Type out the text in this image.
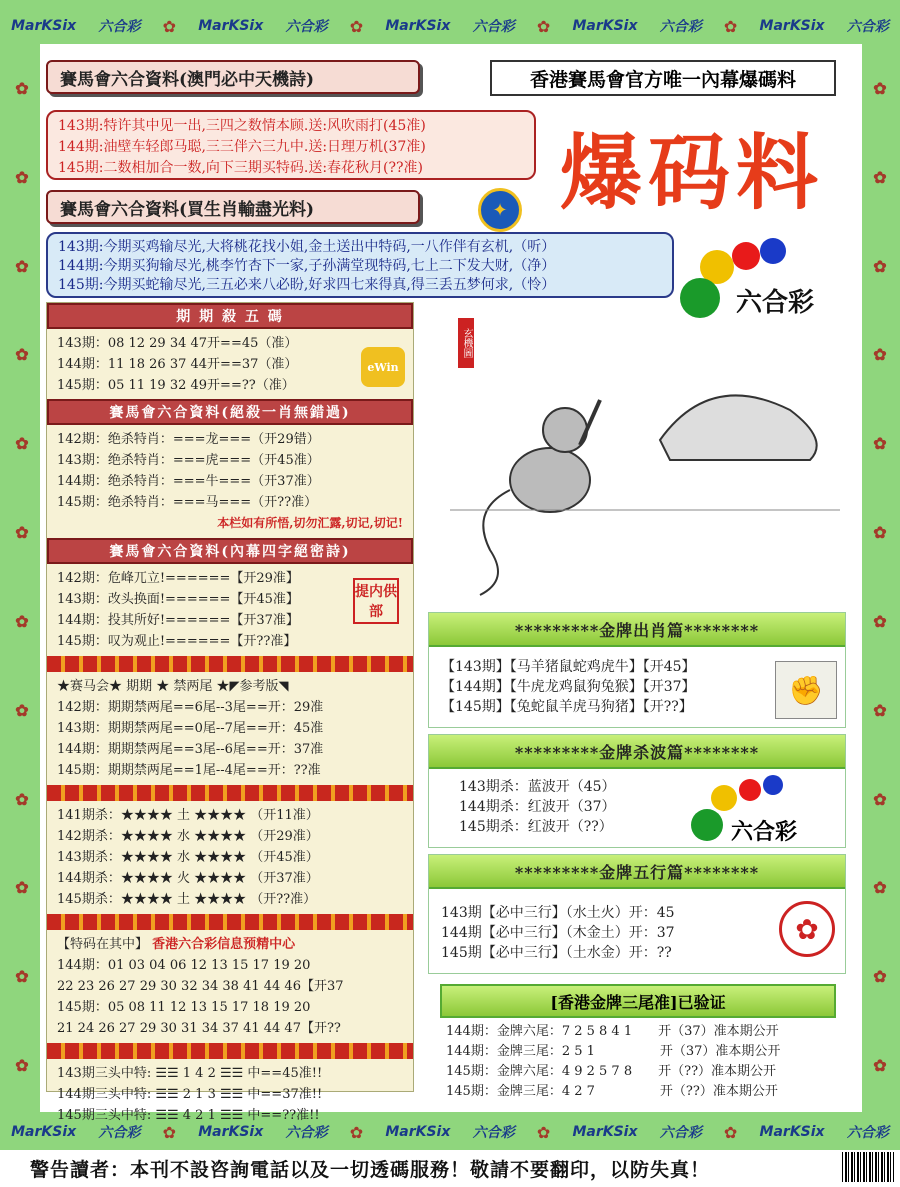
MarKSix 六合彩 ✿ MarKSix 六合彩 ✿ MarKSix 六合彩 ✿ MarKSix 六合彩 ✿ MarKSix 六合彩
MarKSix 六合彩 ✿ MarKSix 六合彩 ✿ MarKSix 六合彩 ✿ MarKSix 六合彩 ✿ MarKSix 六合彩
✿
✿
✿
✿
✿
✿
✿
✿
✿
✿
✿
✿
✿
✿
✿
✿
✿
✿
✿
✿
✿
✿
✿
✿
賽馬會六合資料(澳門必中天機詩)	香港賽馬會官方唯一內幕爆碼料
143期:特许其中见一出,三四之数情本顾.送:风吹雨打(45准)
144期:油壁车轻郎马聪,三三伴六三九中.送:日理万机(37准)
145期:二数相加合一数,向下三期买特码.送:春花秋月(??准)	爆码料
賽馬會六合資料(買生肖輸盡光料)	✦
143期:今期买鸡输尽光,大将桃花找小姐,金土送出中特码,一八作伴有玄机,（听）
144期:今期买狗输尽光,桃李竹杏下一家,子孙满堂现特码,七上二下发大财,（净）
145期:今期买蛇输尽光,三五必来八必盼,好求四七来得真,得三丢五梦何求,（怜）
六合彩
期 期 殺 五 碼
143期：08 12 29 34 47开==45（准）
144期：11 18 26 37 44开==37（准）
145期：05 11 19 32 49开==??（准）
eWin
賽馬會六合資料(絕殺一肖無錯過)
142期：绝杀特肖：===龙===（开29错）
143期：绝杀特肖：===虎===（开45准）
144期：绝杀特肖：===牛===（开37准）
145期：绝杀特肖：===马===（开??准）
本栏如有所悟,切勿汇露,切记,切记!
賽馬會六合資料(內幕四字絕密詩)
142期：危峰兀立!======【开29准】
143期：改头换面!======【开45准】
144期：投其所好!======【开37准】
145期：叹为观止!======【开??准】
提内供部
★赛马会★ 期期 ★ 禁两尾 ★◤参考版◥
142期：期期禁两尾==6尾--3尾==开：29准
143期：期期禁两尾==0尾--7尾==开：45准
144期：期期禁两尾==3尾--6尾==开：37准
145期：期期禁两尾==1尾--4尾==开：??准
141期杀：★★★★ 土 ★★★★ （开11准）
142期杀：★★★★ 水 ★★★★ （开29准）
143期杀：★★★★ 水 ★★★★ （开45准）
144期杀：★★★★ 火 ★★★★ （开37准）
145期杀：★★★★ 土 ★★★★ （开??准）
【特码在其中】 香港六合彩信息预精中心
144期：01 03 04 06 12 13 15 17 19 20
22 23 26 27 29 30 32 34 38 41 44 46【开37
145期：05 08 11 12 13 15 17 18 19 20
21 24 26 27 29 30 31 34 37 41 44 47【开??
143期三头中特: ☰☰ 1 4 2 ☰☰ 中==45准!!
144期三头中特: ☰☰ 2 1 3 ☰☰ 中==37准!!
145期三头中特: ☰☰ 4 2 1 ☰☰ 中==??准!!
玄機圖
*********金牌出肖篇********
【143期】【马羊猪鼠蛇鸡虎牛】【开45】
【144期】【牛虎龙鸡鼠狗兔猴】【开37】
【145期】【兔蛇鼠羊虎马狗猪】【开??】
✊
*********金牌杀波篇********
143期杀：蓝波开（45）
144期杀：红波开（37）
145期杀：红波开（??）	六合彩
*********金牌五行篇********
143期【必中三行】（水土火）开：45
144期【必中三行】（木金土）开：37
145期【必中三行】（土水金）开：??
✿
[香港金牌三尾准]已验证
144期：金牌六尾：7 2 5 8 4 1　　开（37）准本期公开
144期：金牌三尾：2 5 1　　　　　开（37）准本期公开
145期：金牌六尾：4 9 2 5 7 8　　开（??）准本期公开
145期：金牌三尾：4 2 7　　　　　开（??）准本期公开
警告讀者：本刊不設咨詢電話以及一切透碼服務！敬請不要翻印，以防失真！
